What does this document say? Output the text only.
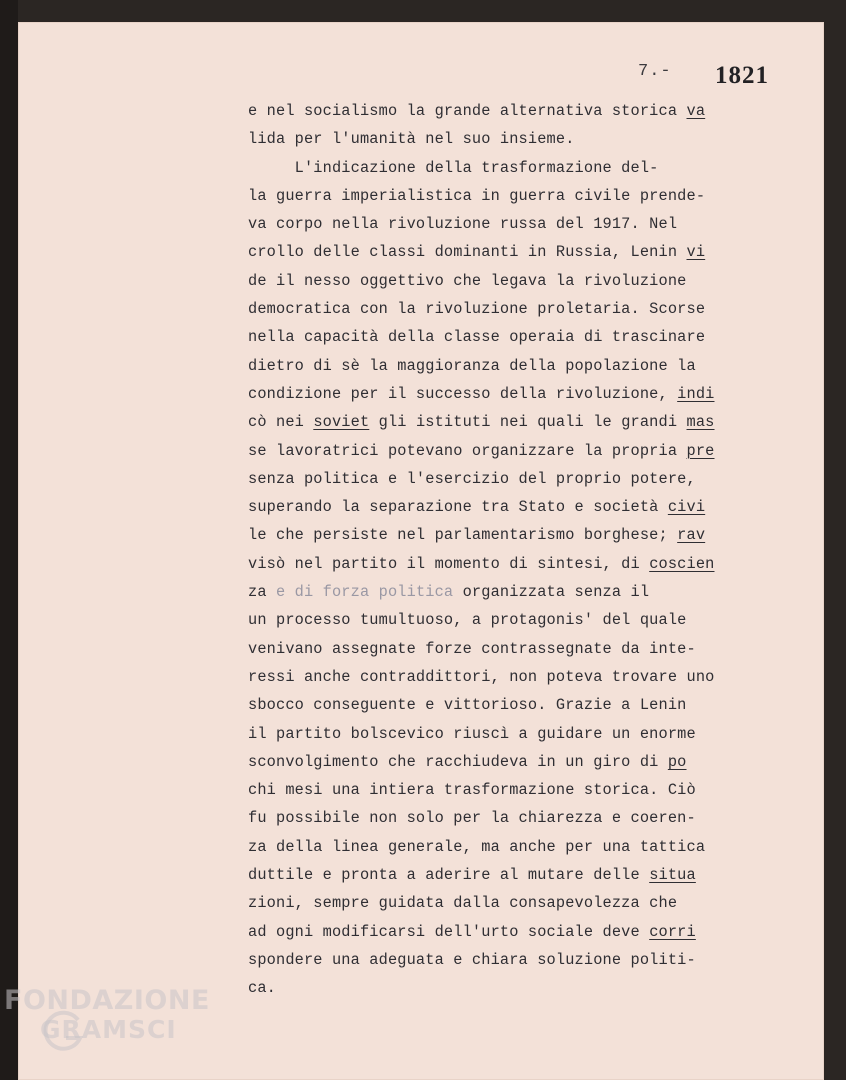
7.- 1821
e nel socialismo la grande alternativa storica va
lida per l'umanità nel suo insieme.
L'indicazione della trasformazione del-
la guerra imperialistica in guerra civile prende-
va corpo nella rivoluzione russa del 1917. Nel
crollo delle classi dominanti in Russia, Lenin vi
de il nesso oggettivo che legava la rivoluzione
democratica con la rivoluzione proletaria. Scorse
nella capacità della classe operaia di trascinare
dietro di sè la maggioranza della popolazione la
condizione per il successo della rivoluzione, indi
cò nei soviet gli istituti nei quali le grandi mas
se lavoratrici potevano organizzare la propria pre
senza politica e l'esercizio del proprio potere,
superando la separazione tra Stato e società civi
le che persiste nel parlamentarismo borghese; rav
visò nel partito il momento di sintesi, di coscien
za e di forza politica organizzata senza il
un processo tumultuoso, a protagonis' del quale
venivano assegnate forze contrassegnate da inte-
ressi anche contraddittori, non poteva trovare uno
sbocco conseguente e vittorioso. Grazie a Lenin
il partito bolscevico riuscì a guidare un enorme
sconvolgimento che racchiudeva in un giro di po
chi mesi una intiera trasformazione storica. Ciò
fu possibile non solo per la chiarezza e coeren-
za della linea generale, ma anche per una tattica
duttile e pronta a aderire al mutare delle situa
zioni, sempre guidata dalla consapevolezza che
ad ogni modificarsi dell'urto sociale deve corri
spondere una adeguata e chiara soluzione politi-
ca.
FONDAZIONE
GRAMSCI
